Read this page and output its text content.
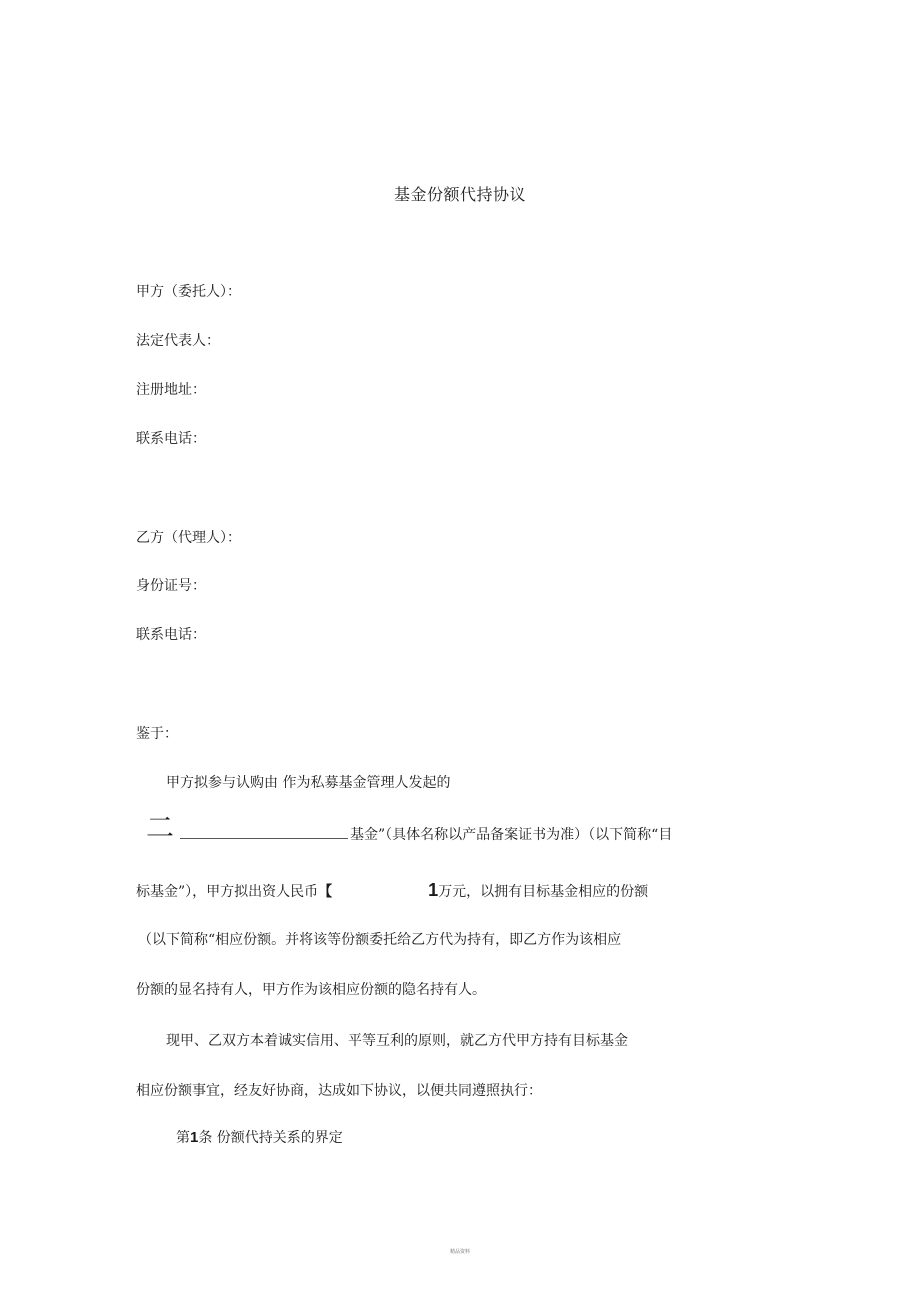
基金份额代持协议
甲方（委托人）：
法定代表人：
注册地址：
联系电话：
乙方（代理人）：
身份证号：
联系电话：
鉴于：
甲方拟参与认购由 作为私募基金管理人发起的
二	基金”（具体名称以产品备案证书为准）（以下简称“目
标基金”），甲方拟出资人民币【	1万元，以拥有目标基金相应的份额
（以下简称“相应份额。并将该等份额委托给乙方代为持有，即乙方作为该相应
份额的显名持有人，甲方作为该相应份额的隐名持有人。
现甲、乙双方本着诚实信用、平等互利的原则，就乙方代甲方持有目标基金
相应份额事宜，经友好协商，达成如下协议，以便共同遵照执行：
第1条 份额代持关系的界定
精品资料
